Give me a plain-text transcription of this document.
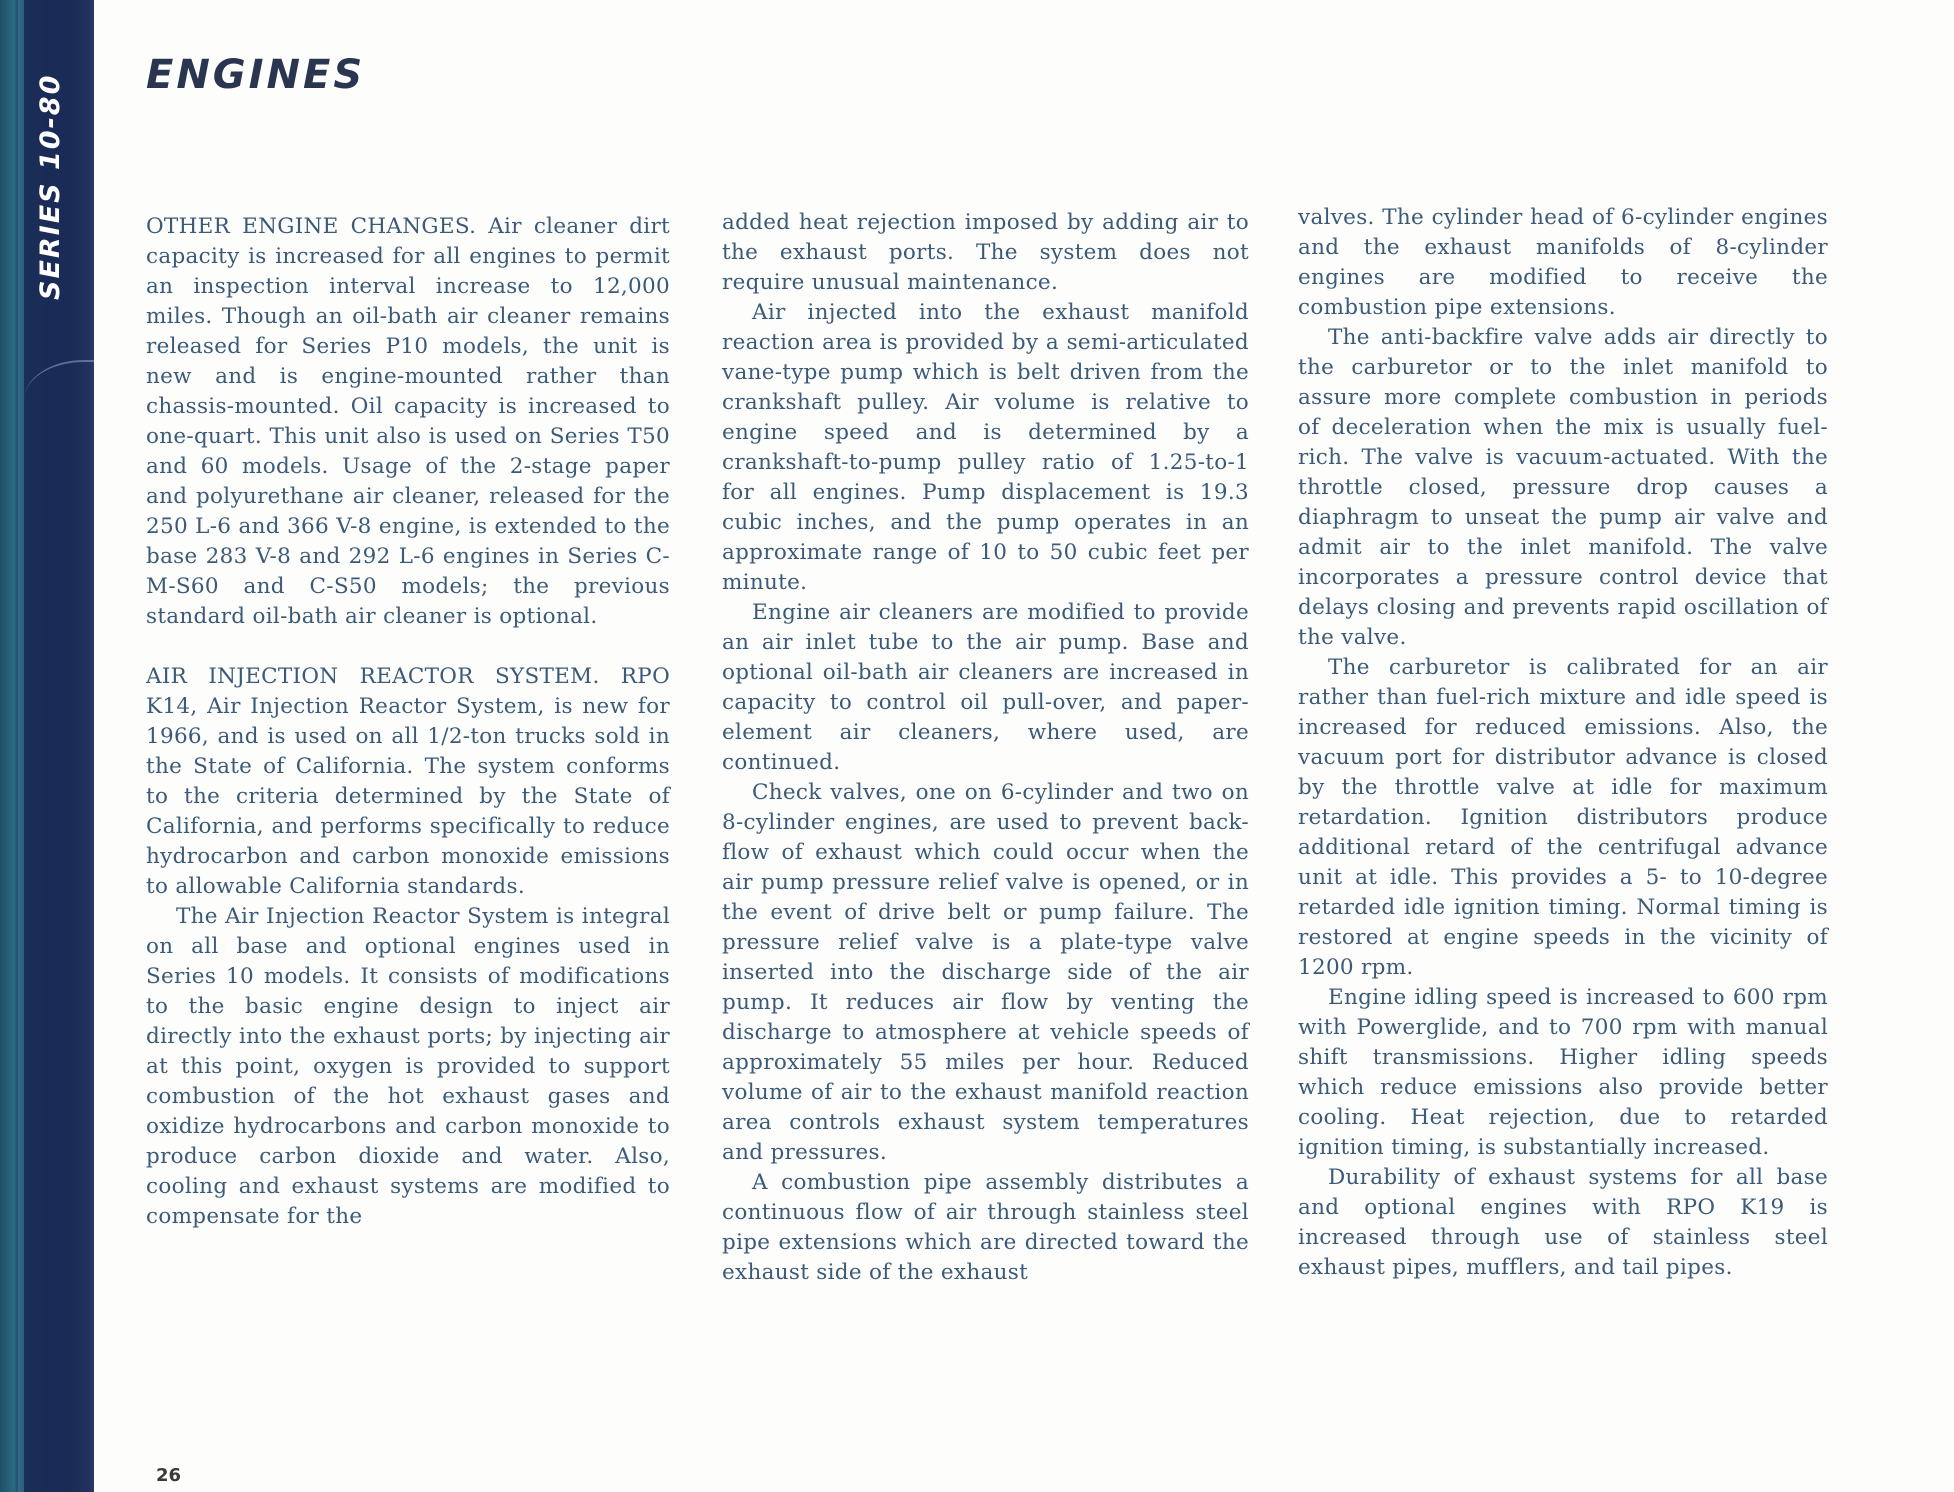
SERIES 10-80 ENGINES

OTHER ENGINE CHANGES. Air cleaner dirt capacity is increased for all engines to permit an inspection interval increase to 12,000 miles. Though an oil-bath air cleaner remains released for Series P10 models, the unit is new and is engine-mounted rather than chassis-mounted. Oil capacity is increased to one-quart. This unit also is used on Series T50 and 60 models. Usage of the 2-stage paper and polyurethane air cleaner, released for the 250 L-6 and 366 V-8 engine, is extended to the base 283 V-8 and 292 L-6 engines in Series C-M-S60 and C-S50 models; the previous standard oil-bath air cleaner is optional.

AIR INJECTION REACTOR SYSTEM. RPO K14, Air Injection Reactor System, is new for 1966, and is used on all 1/2-ton trucks sold in the State of California. The system conforms to the criteria determined by the State of California, and performs specifically to reduce hydrocarbon and carbon monoxide emissions to allowable California standards.

The Air Injection Reactor System is integral on all base and optional engines used in Series 10 models. It consists of modifications to the basic engine design to inject air directly into the exhaust ports; by injecting air at this point, oxygen is provided to support combustion of the hot exhaust gases and oxidize hydrocarbons and carbon monoxide to produce carbon dioxide and water. Also, cooling and exhaust systems are modified to compensate for the

added heat rejection imposed by adding air to the exhaust ports. The system does not require unusual maintenance.

Air injected into the exhaust manifold reaction area is provided by a semi-articulated vane-type pump which is belt driven from the crankshaft pulley. Air volume is relative to engine speed and is determined by a crankshaft-to-pump pulley ratio of 1.25-to-1 for all engines. Pump displacement is 19.3 cubic inches, and the pump operates in an approximate range of 10 to 50 cubic feet per minute.

Engine air cleaners are modified to provide an air inlet tube to the air pump. Base and optional oil-bath air cleaners are increased in capacity to control oil pull-over, and paper-element air cleaners, where used, are continued.

Check valves, one on 6-cylinder and two on 8-cylinder engines, are used to prevent back-flow of exhaust which could occur when the air pump pressure relief valve is opened, or in the event of drive belt or pump failure. The pressure relief valve is a plate-type valve inserted into the discharge side of the air pump. It reduces air flow by venting the discharge to atmosphere at vehicle speeds of approximately 55 miles per hour. Reduced volume of air to the exhaust manifold reaction area controls exhaust system temperatures and pressures.

A combustion pipe assembly distributes a continuous flow of air through stainless steel pipe extensions which are directed toward the exhaust side of the exhaust

valves. The cylinder head of 6-cylinder engines and the exhaust manifolds of 8-cylinder engines are modified to receive the combustion pipe extensions.

The anti-backfire valve adds air directly to the carburetor or to the inlet manifold to assure more complete combustion in periods of deceleration when the mix is usually fuel-rich. The valve is vacuum-actuated. With the throttle closed, pressure drop causes a diaphragm to unseat the pump air valve and admit air to the inlet manifold. The valve incorporates a pressure control device that delays closing and prevents rapid oscillation of the valve.

The carburetor is calibrated for an air rather than fuel-rich mixture and idle speed is increased for reduced emissions. Also, the vacuum port for distributor advance is closed by the throttle valve at idle for maximum retardation. Ignition distributors produce additional retard of the centrifugal advance unit at idle. This provides a 5- to 10-degree retarded idle ignition timing. Normal timing is restored at engine speeds in the vicinity of 1200 rpm.

Engine idling speed is increased to 600 rpm with Powerglide, and to 700 rpm with manual shift transmissions. Higher idling speeds which reduce emissions also provide better cooling. Heat rejection, due to retarded ignition timing, is substantially increased.

Durability of exhaust systems for all base and optional engines with RPO K19 is increased through use of stainless steel exhaust pipes, mufflers, and tail pipes.

26
